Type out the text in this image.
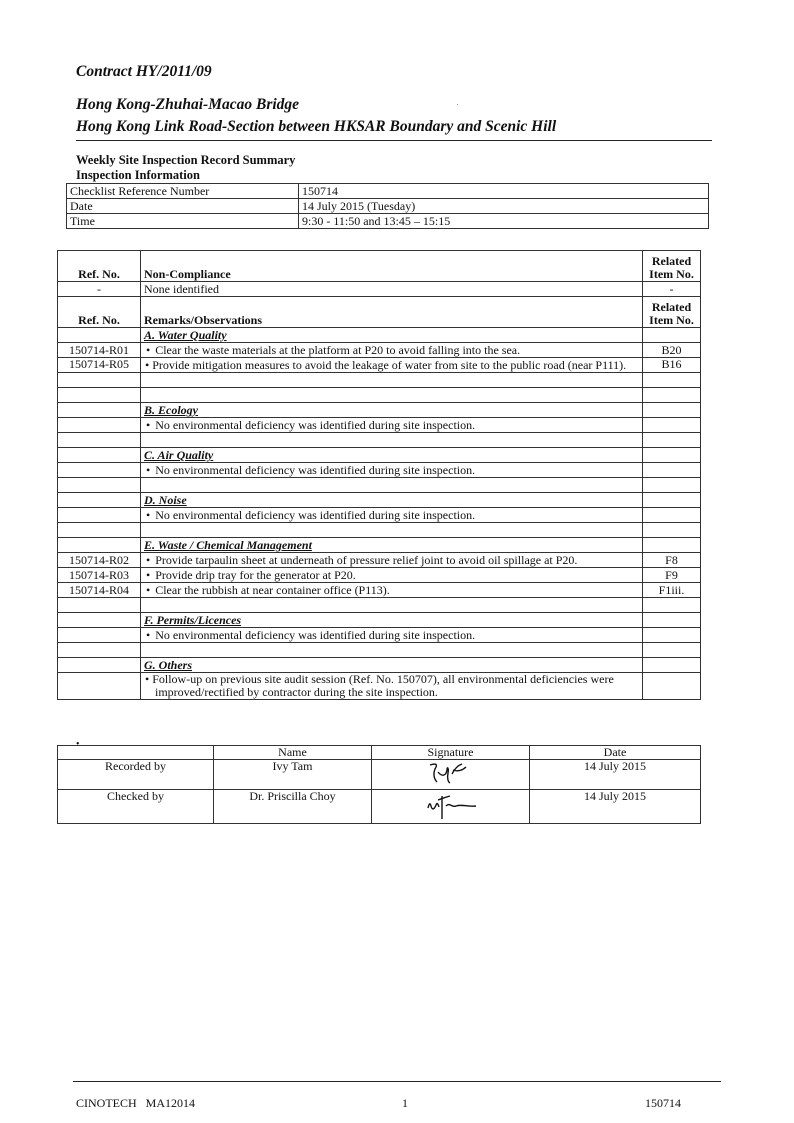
Contract HY/2011/09
Hong Kong-Zhuhai-Macao Bridge
Hong Kong Link Road-Section between HKSAR Boundary and Scenic Hill
Weekly Site Inspection Record Summary
Inspection Information
Checklist Reference Number	150714
Date	14 July 2015 (Tuesday)
Time	9:30 - 11:50 and 13:45 – 15:15
Ref. No.	Non-Compliance	Related
Item No.
-	None identified	-
Ref. No.	Remarks/Observations	Related
Item No.
	A. Water Quality	
150714-R01	• Clear the waste materials at the platform at P20 to avoid falling into the sea.	B20
150714-R05	• Provide mitigation measures to avoid the leakage of water from site to the public road (near P111).	B16

	B. Ecology	
	• No environmental deficiency was identified during site inspection.	

	C. Air Quality	
	• No environmental deficiency was identified during site inspection.	

	D. Noise	
	• No environmental deficiency was identified during site inspection.	

	E. Waste / Chemical Management	
150714-R02	• Provide tarpaulin sheet at underneath of pressure relief joint to avoid oil spillage at P20.	F8
150714-R03	• Provide drip tray for the generator at P20.	F9
150714-R04	• Clear the rubbish at near container office (P113).	F1iii.

	F. Permits/Licences	
	• No environmental deficiency was identified during site inspection.	

	G. Others	
	• Follow-up on previous site audit session (Ref. No. 150707), all environmental deficiencies were improved/rectified by contractor during the site inspection.	
•
	Name	Signature	Date
Recorded by	Ivy Tam		14 July 2015
Checked by	Dr. Priscilla Choy		14 July 2015
CINOTECH   MA12014	1	150714
